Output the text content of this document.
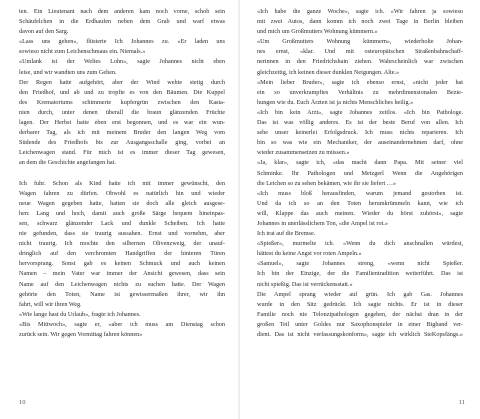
ten. Ein Lieutenant nach dem anderen kam noch vorne, schob sein
Schäufelchen in die Erdhaufen neben dem Grab und warf etwas
davon auf den Sarg.
«Lass uns gehen», flüsterte Ich Johannes zu. «Er laden uns
sowieso nicht zum Leichenschmaus ein. Niemals.»
«Umlank ist der Weltes Lohn», sagte Johannes nicht eben
leise, und wir wandten uns zum Gehen.
Der Regen hatte aufgehört, aber der Wind wehte stetig durch
den Friedhof, und ab und zu tropfte es von den Bäumen. Die Kuppel
des Krematoriums schimmerte kupfergrün zwischen den Kasta-
nien durch, unter denen überall die braun glänzenden Früchte
lagen. Der Herbst hatte eben erst begonnen, und es war ein wun-
derbarer Tag, als ich mit meinem Bruder den langen Weg vom
Südende des Friedhofs bis zur Ausgangsschalle ging, vorbei an
Leichenwagen stand. Für mich ist es immer dieser Tag gewesen,
an dem die Geschichte angefangen hat.
Ich fuhr. Schon als Kind hatte ich mit immer gewünscht, den
Wagen fahren zu dürfen. Obwohl es natürlich hin und wieder
neue Wagen gegeben hatte, hatten sie doch alle gleich ausgese-
hen: Lang und hoch, damit auch große Särge bequem hineinpas-
sen, schwarz glänzender Lack und dunkle Scheiben. Ich hatte
nie gefunden, dass sie traurig aussahen. Ernst und vornehm, aber
nicht traurig. Ich mochte den silbernen Olivenzweig, der unauf-
dringlich auf den verchromten Handgriffen der hinteren Türen
hervorsprang. Sonst gab es keinen Schmuck und auch keinen
Namen – mein Vater war immer der Ansicht gewesen, dass sein
Name auf den Leichenwagen nichts zu suchen hatte. Der Wagen
gehörte den Toten, Name ist gewissermaßen ihrer, wir ihn
fahrt, will wir ihren Weg.
«Wie lange hast du Urlaub», fragte ich Johannes.
«Bis Mittwoch», sagte er, «aber ich muss am Dienstag schon
zurück sein. Wir gegen Vormittag fahren können»
10
«Ich habe die ganze Woche», sagte ich. «Wir fahren ja sowieso
mit zwei Autos, dann komm ich noch zwei Tage in Berlin bleiben
und mich um Großmutters Wohnung kümmern.»
«Um Großmutters Wohnung kümmern», wiederholte Johan-
nes ernst, «klar. Und mit osteuropäischen Straßenbahnschaff-
nerinnen in den Friedrichshain ziehen. Wahrscheinlich war zwischen
gleichzeitig, ich keinen dieser dunklen Neigungen. Alte.»
«Mein lieber Bruder», sagte ich ebenso ernst, «nicht jeder hat
ein so unverkrampftes Verhältnis zu mehrdimensionalen Bezie-
hungen wie du. Euch Ärzten ist ja nichts Menschliches heilig.»
«Ich bin kein Arzt», sagte Johannes zeitlos. «Ich bin Pathologe.
Das ist was völlig anderes. Es ist der beste Beruf von allen. Ich
sehe unser keinerlei Erfolgsdruck. Ich muss nichts reparieren. Ich
bin so was wie ein Mechaniker, der auseinandernehmen darf, ohne
wieder zusammensetzen zu müssen.»
«Ja, klar», sagte ich, «das macht dann Papa. Mit seiner viel
Schminke. Ihr Pathologen und Metzgerl Wenn die Angehörigen
die Leichen so zu sehen bekämen, wie ihr sie liefert …»
«Ich muss bloß herausfinden, warum jemand gestorben ist.
Und da ich so an den Toten herumkrümmeln kann, wie ich
will, Klappe das auch meinen. Wieder du hörst zuhörst», sagte
Johannes in unerlässlichem Ton, «die Ampel ist rot.»
Ich trat auf die Bremse.
«Spießer», murmelte ich. «Wenn du dich anschnallen würdest,
hättest du keine Angst vor roten Ampeln.»
«Samuel», sagte Johannes streng, «wenn nicht Spießer.
Ich bin der Einzige, der die Familientradition weiterführt. Das ist
nicht spießig. Das ist verrückensstatt.»
Die Ampel sprang wieder auf grün. Ich gab Gas. Johannes
wurde in den Sitz gedrückt. Ich sagte nichts. Er ist in dieser
Familie noch nie Telonzipathologen gegeben, der nächst dran in der
großen Teil unter Goldes nur Saxophonspieler in einer Bigband ver-
dient. Das ist nicht verfassungskonform», sagte ich wirklich SteKopsfängs.»
11
